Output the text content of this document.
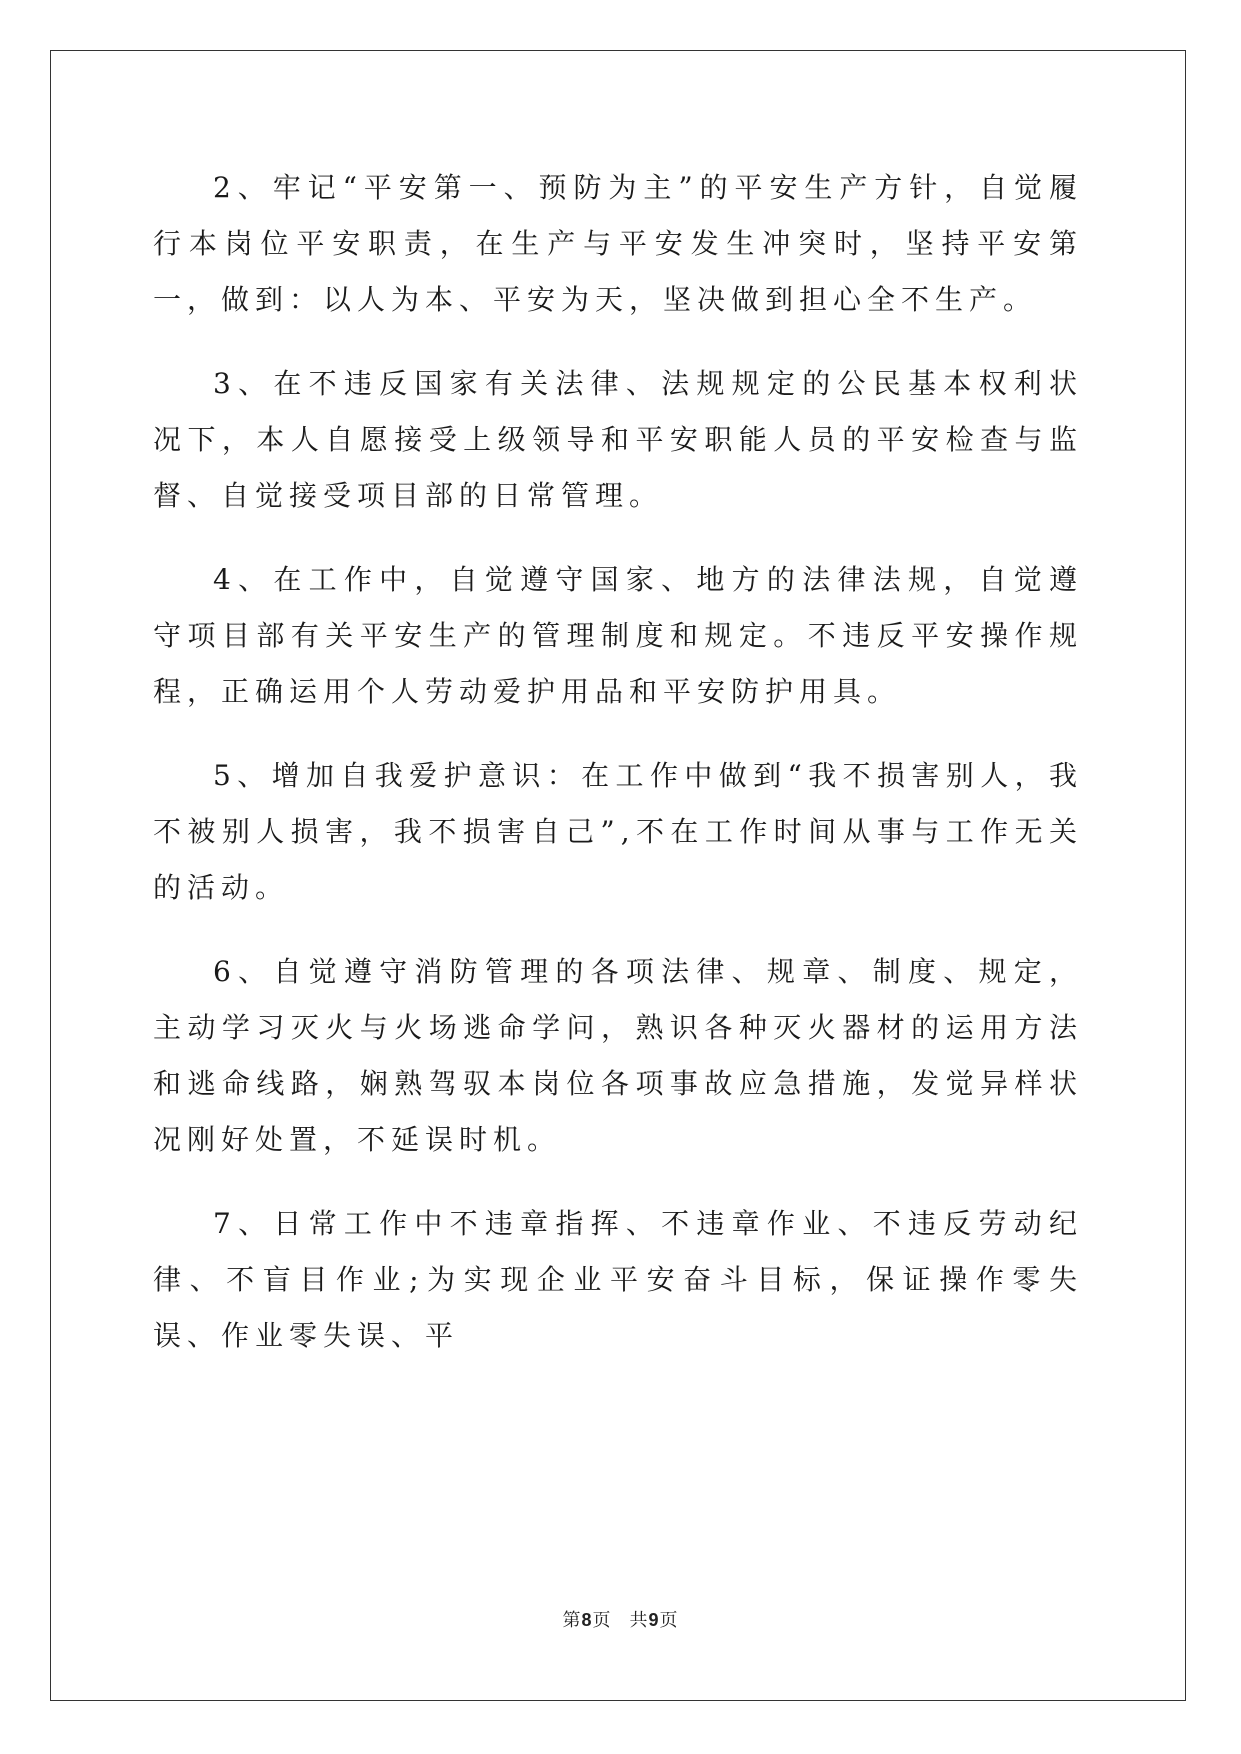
2、牢记“平安第一、预防为主”的平安生产方针，自觉履行本岗位平安职责，在生产与平安发生冲突时，坚持平安第一，做到：以人为本、平安为天，坚决做到担心全不生产。

3、在不违反国家有关法律、法规规定的公民基本权利状况下，本人自愿接受上级领导和平安职能人员的平安检查与监督、自觉接受项目部的日常管理。

4、在工作中，自觉遵守国家、地方的法律法规，自觉遵守项目部有关平安生产的管理制度和规定。不违反平安操作规程，正确运用个人劳动爱护用品和平安防护用具。

5、增加自我爱护意识：在工作中做到“我不损害别人，我不被别人损害，我不损害自己”,不在工作时间从事与工作无关的活动。

6、自觉遵守消防管理的各项法律、规章、制度、规定，主动学习灭火与火场逃命学问，熟识各种灭火器材的运用方法和逃命线路，娴熟驾驭本岗位各项事故应急措施，发觉异样状况刚好处置，不延误时机。

7、日常工作中不违章指挥、不违章作业、不违反劳动纪律、不盲目作业;为实现企业平安奋斗目标，保证操作零失误、作业零失误、平

第8页 共9页
